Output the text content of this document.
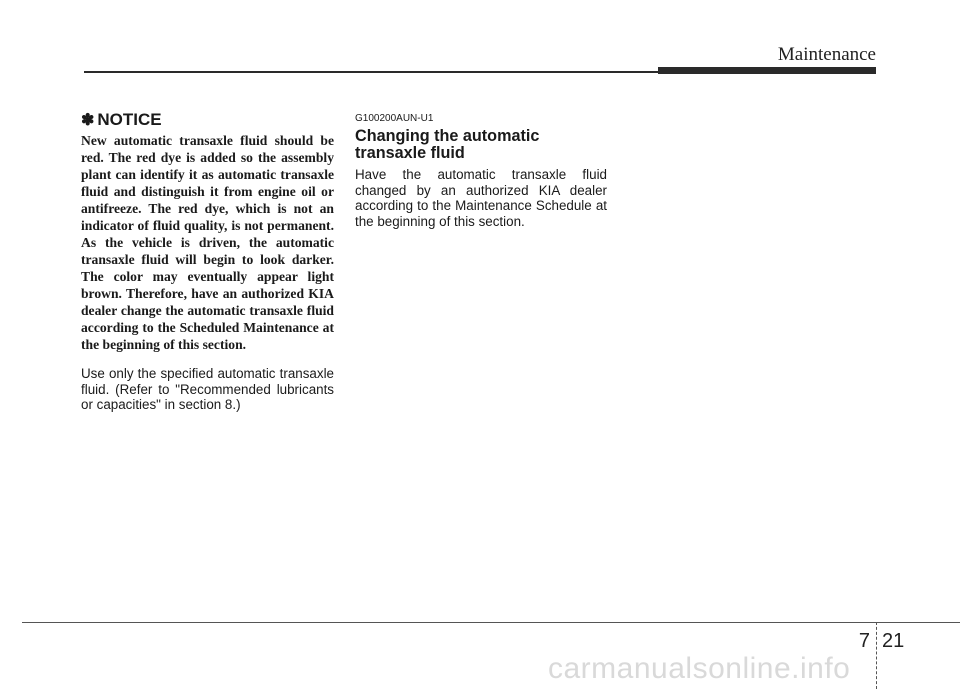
Maintenance
✽ NOTICE

New automatic transaxle fluid should be red. The red dye is added so the assembly plant can identify it as automatic transaxle fluid and distinguish it from engine oil or antifreeze. The red dye, which is not an indicator of fluid quality, is not permanent. As the vehicle is driven, the automatic transaxle fluid will begin to look darker. The color may eventually appear light brown. Therefore, have an authorized KIA dealer change the automatic transaxle fluid according to the Scheduled Maintenance at the beginning of this section.

Use only the specified automatic transaxle fluid. (Refer to "Recommended lubricants or capacities" in section 8.)

G100200AUN-U1
Changing the automatic transaxle fluid

Have the automatic transaxle fluid changed by an authorized KIA dealer according to the Maintenance Schedule at the beginning of this section.

7 21
carmanualsonline.info
